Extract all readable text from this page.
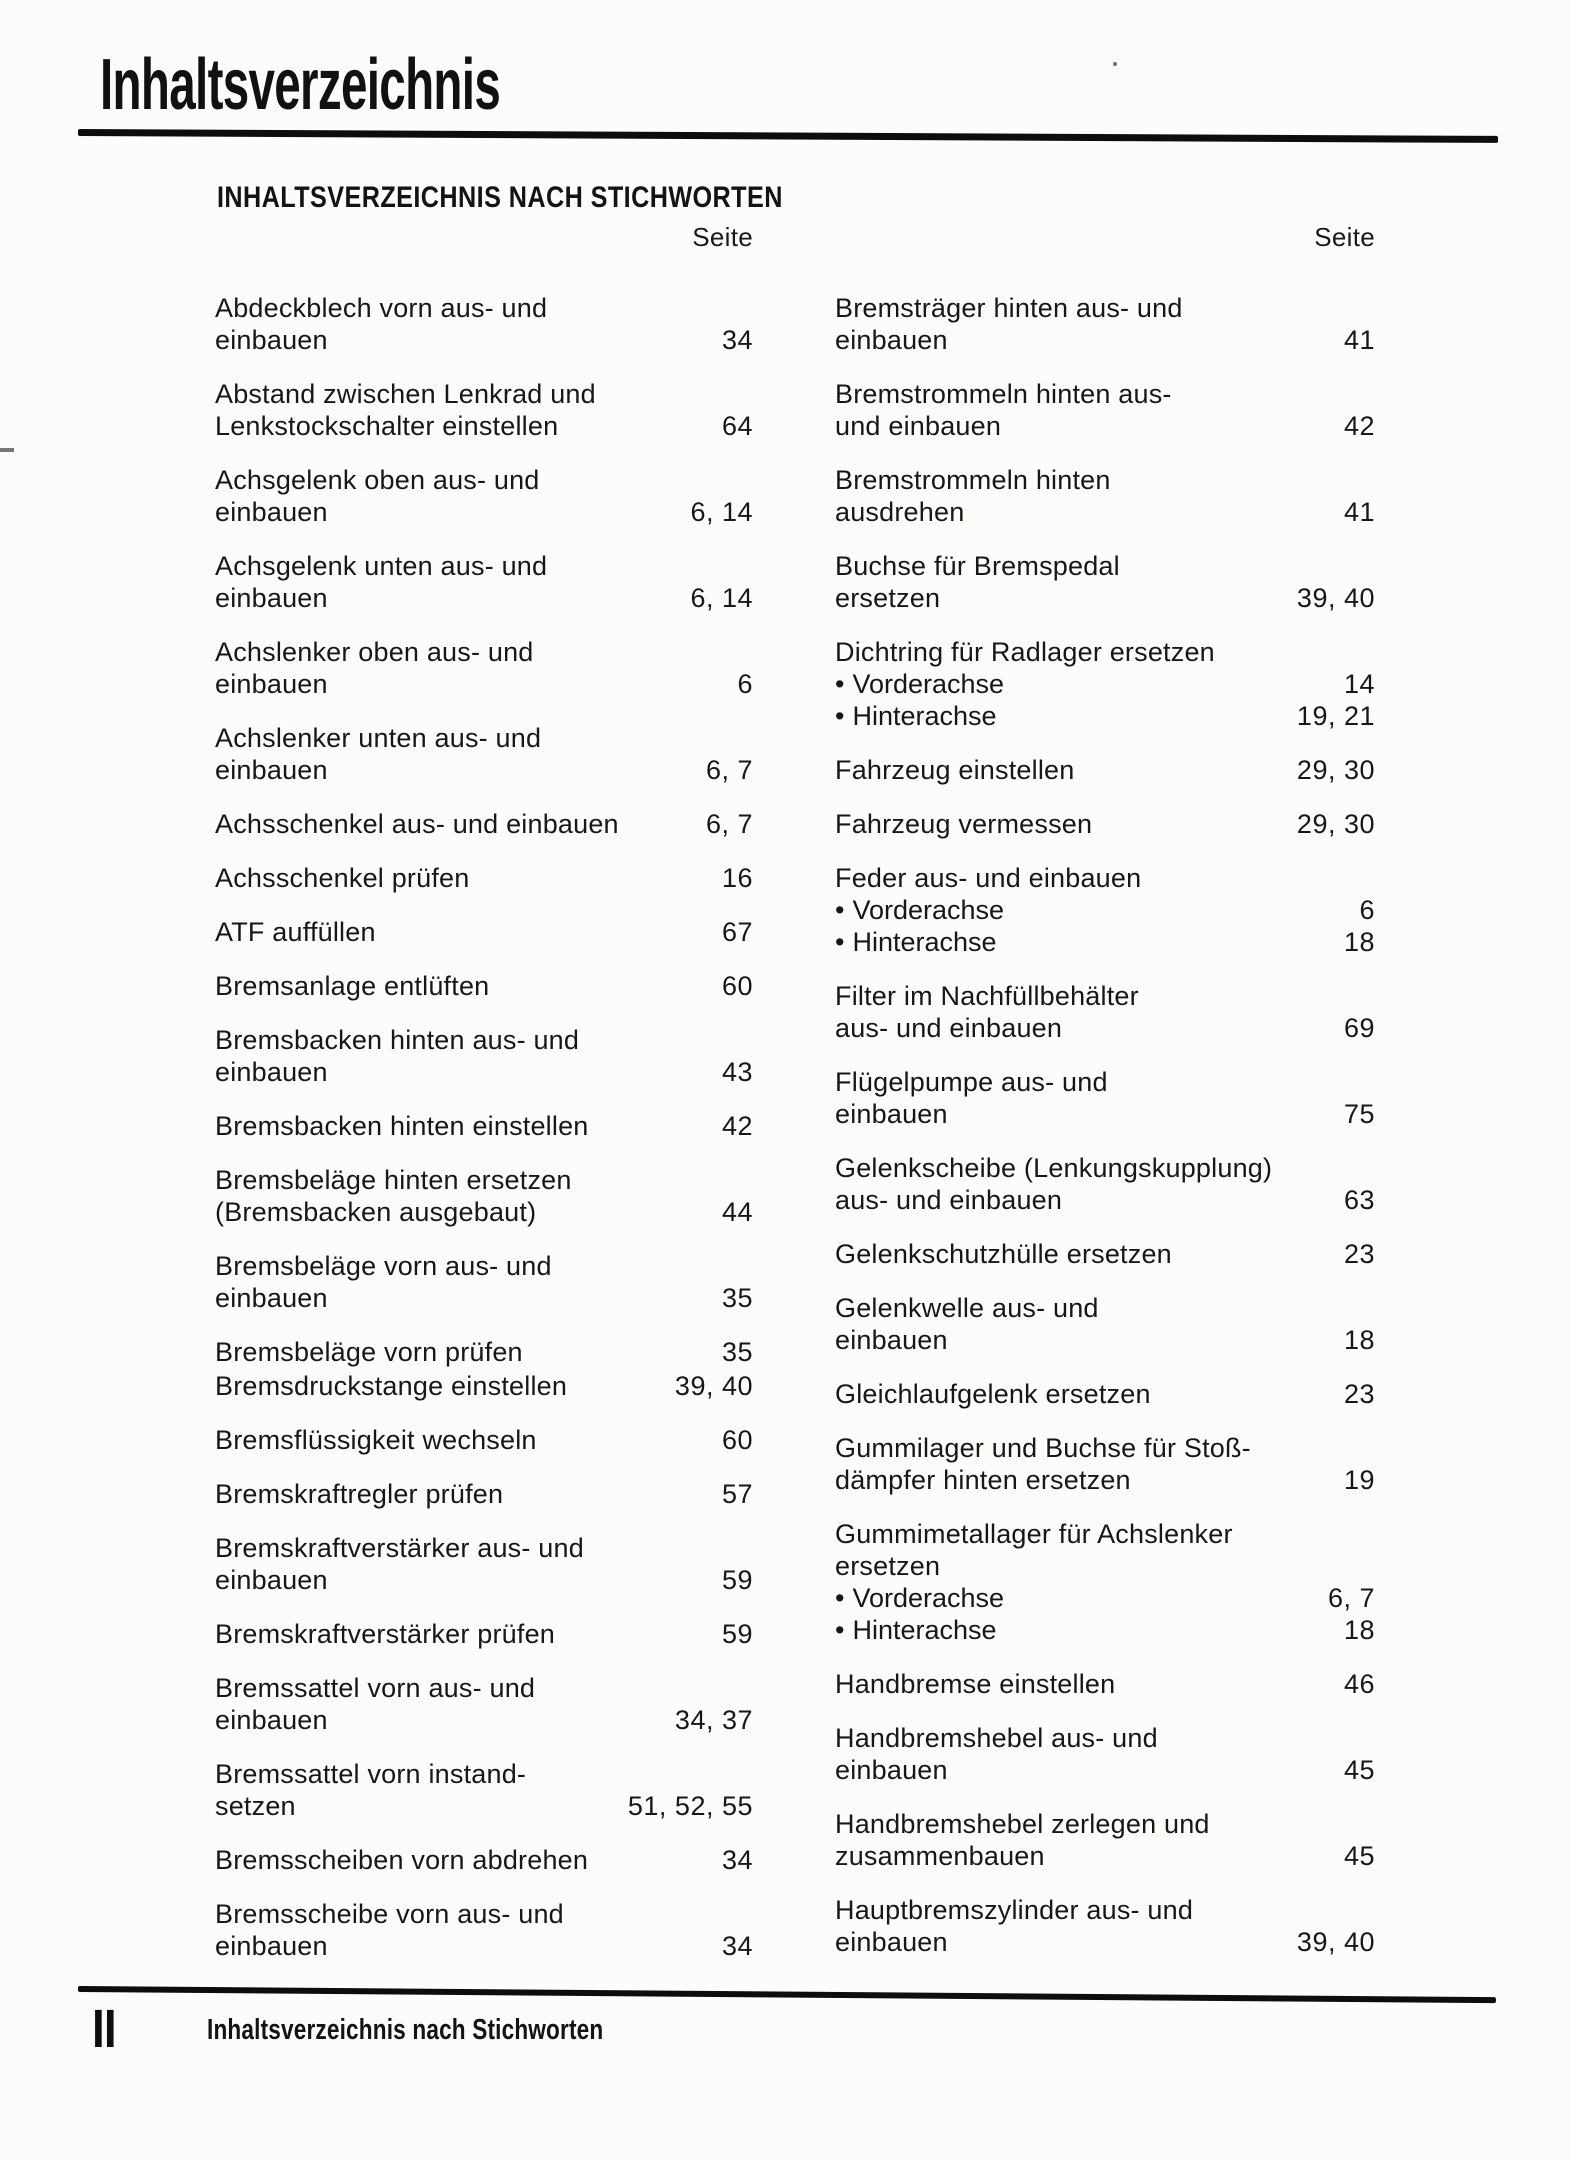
Inhaltsverzeichnis
INHALTSVERZEICHNIS NACH STICHWORTEN
Seite
Abdeckblech vorn aus- und
einbauen	34
Abstand zwischen Lenkrad und
Lenkstockschalter einstellen	64
Achsgelenk oben aus- und
einbauen	6, 14
Achsgelenk unten aus- und
einbauen	6, 14
Achslenker oben aus- und
einbauen	6
Achslenker unten aus- und
einbauen	6, 7
Achsschenkel aus- und einbauen	6, 7
Achsschenkel prüfen	16
ATF auffüllen	67
Bremsanlage entlüften	60
Bremsbacken hinten aus- und
einbauen	43
Bremsbacken hinten einstellen	42
Bremsbeläge hinten ersetzen
(Bremsbacken ausgebaut)	44
Bremsbeläge vorn aus- und
einbauen	35
Bremsbeläge vorn prüfen	35
Bremsdruckstange einstellen	39, 40
Bremsflüssigkeit wechseln	60
Bremskraftregler prüfen	57
Bremskraftverstärker aus- und
einbauen	59
Bremskraftverstärker prüfen	59
Bremssattel vorn aus- und
einbauen	34, 37
Bremssattel vorn instand-
setzen	51, 52, 55
Bremsscheiben vorn abdrehen	34
Bremsscheibe vorn aus- und
einbauen	34
Seite
Bremsträger hinten aus- und
einbauen	41
Bremstrommeln hinten aus-
und einbauen	42
Bremstrommeln hinten
ausdrehen	41
Buchse für Bremspedal
ersetzen	39, 40
Dichtring für Radlager ersetzen
• Vorderachse	14
• Hinterachse	19, 21
Fahrzeug einstellen	29, 30
Fahrzeug vermessen	29, 30
Feder aus- und einbauen
• Vorderachse	6
• Hinterachse	18
Filter im Nachfüllbehälter
aus- und einbauen	69
Flügelpumpe aus- und
einbauen	75
Gelenkscheibe (Lenkungskupplung)
aus- und einbauen	63
Gelenkschutzhülle ersetzen	23
Gelenkwelle aus- und
einbauen	18
Gleichlaufgelenk ersetzen	23
Gummilager und Buchse für Stoß-
dämpfer hinten ersetzen	19
Gummimetallager für Achslenker
ersetzen
• Vorderachse	6, 7
• Hinterachse	18
Handbremse einstellen	46
Handbremshebel aus- und
einbauen	45
Handbremshebel zerlegen und
zusammenbauen	45
Hauptbremszylinder aus- und
einbauen	39, 40
II	Inhaltsverzeichnis nach Stichworten
